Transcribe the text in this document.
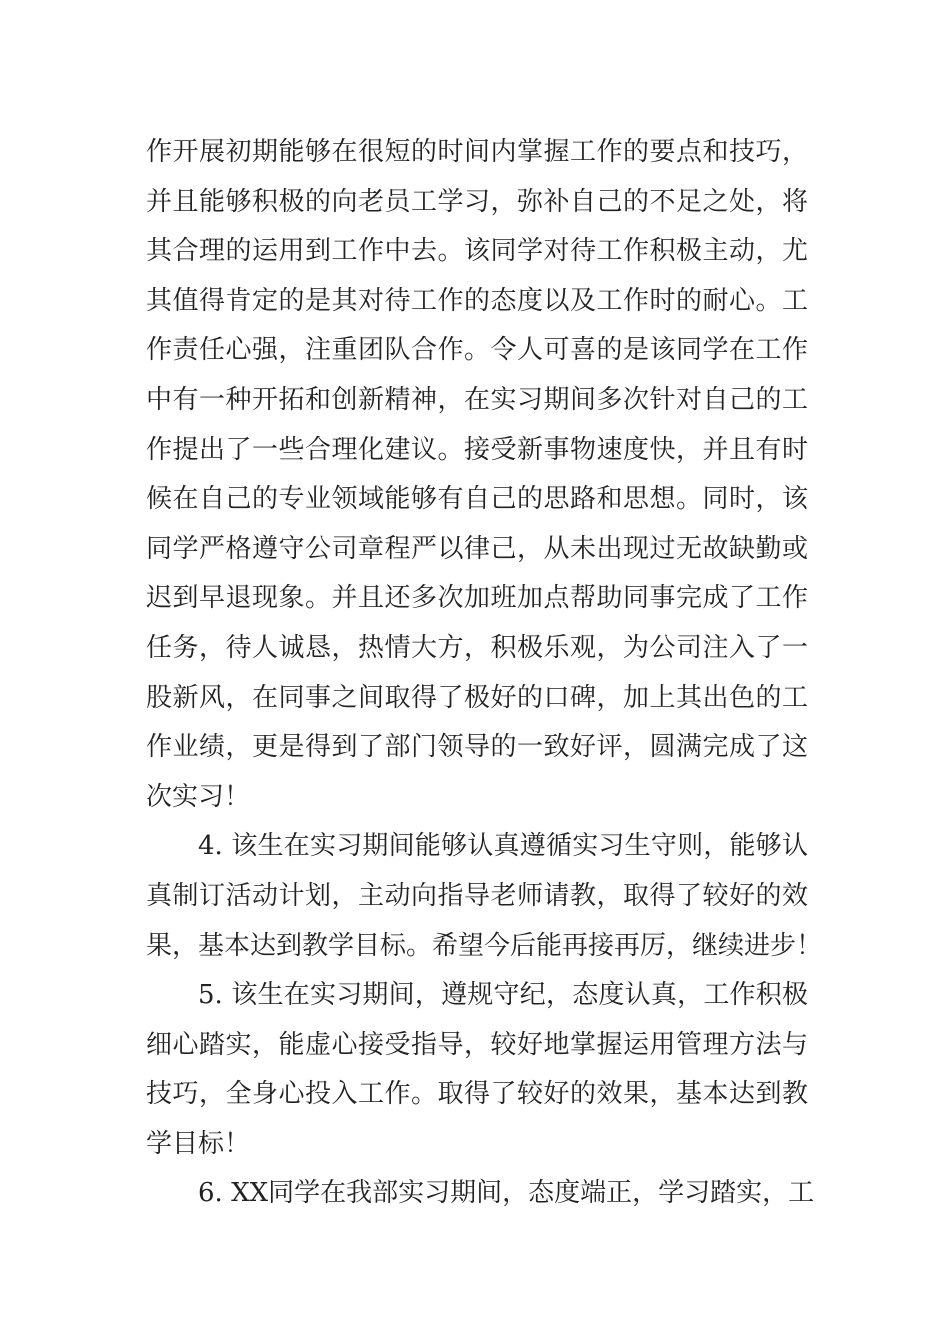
作开展初期能够在很短的时间内掌握工作的要点和技巧，
并且能够积极的向老员工学习，弥补自己的不足之处，将
其合理的运用到工作中去。该同学对待工作积极主动，尤
其值得肯定的是其对待工作的态度以及工作时的耐心。工
作责任心强，注重团队合作。令人可喜的是该同学在工作
中有一种开拓和创新精神，在实习期间多次针对自己的工
作提出了一些合理化建议。接受新事物速度快，并且有时
候在自己的专业领域能够有自己的思路和思想。同时，该
同学严格遵守公司章程严以律己，从未出现过无故缺勤或
迟到早退现象。并且还多次加班加点帮助同事完成了工作
任务，待人诚恳，热情大方，积极乐观，为公司注入了一
股新风，在同事之间取得了极好的口碑，加上其出色的工
作业绩，更是得到了部门领导的一致好评，圆满完成了这
次实习！
4. 该生在实习期间能够认真遵循实习生守则，能够认
真制订活动计划，主动向指导老师请教，取得了较好的效
果，基本达到教学目标。希望今后能再接再厉，继续进步！
5. 该生在实习期间，遵规守纪，态度认真，工作积极
细心踏实，能虚心接受指导，较好地掌握运用管理方法与
技巧，全身心投入工作。取得了较好的效果，基本达到教
学目标！
6. XX同学在我部实习期间，态度端正，学习踏实，工
